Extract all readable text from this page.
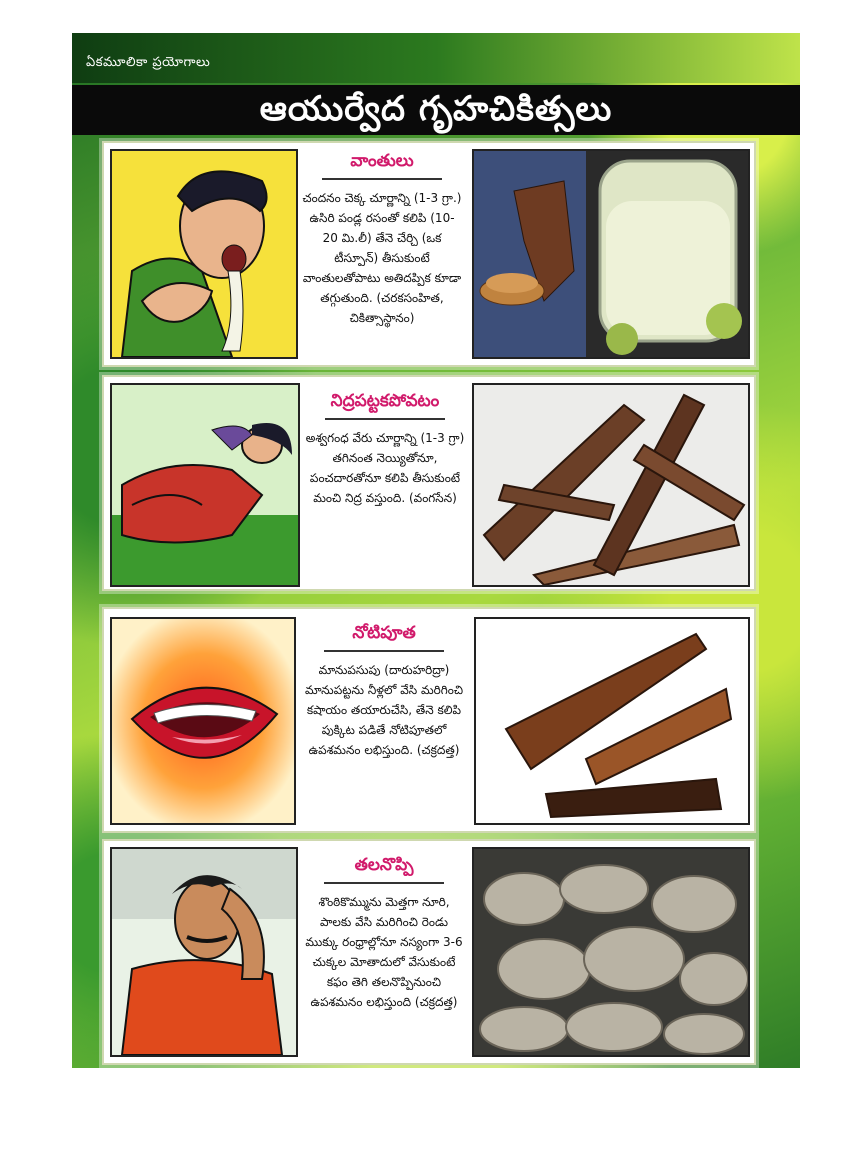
ఏకమూలికా ప్రయోగాలు
ఆయుర్వేద గృహచికిత్సలు
వాంతులు
చందనం చెక్క చూర్ణాన్ని (1-3 గ్రా.) ఉసిరి పండ్ల రసంతో కలిపి (10-20 మి.లీ) తేనె చేర్చి (ఒక టీస్పూన్) తీసుకుంటే వాంతులతోపాటు అతిదప్పిక కూడా తగ్గుతుంది. (చరకసంహిత, చికిత్సాస్థానం)
నిద్రపట్టకపోవటం
అశ్వగంధ వేరు చూర్ణాన్ని (1-3 గ్రా) తగినంత నెయ్యితోనూ, పంచదారతోనూ కలిపి తీసుకుంటే మంచి నిద్ర వస్తుంది. (వంగసేన)
నోటిపూత
మానుపసుపు (దారుహరిద్రా) మానుపట్టను నీళ్లలో వేసి మరిగించి కషాయం తయారుచేసి, తేనె కలిపి పుక్కిట పడితే నోటిపూతలో ఉపశమనం లభిస్తుంది. (చక్రదత్త)
తలనొప్పి
శొంఠికొమ్మును మెత్తగా నూరి, పాలకు వేసి మరిగించి రెండు ముక్కు రంధ్రాల్లోనూ నస్యంగా 3-6 చుక్కల మోతాదులో వేసుకుంటే కఫం తెగి తలనొప్పినుంచి ఉపశమనం లభిస్తుంది (చక్రదత్త)
